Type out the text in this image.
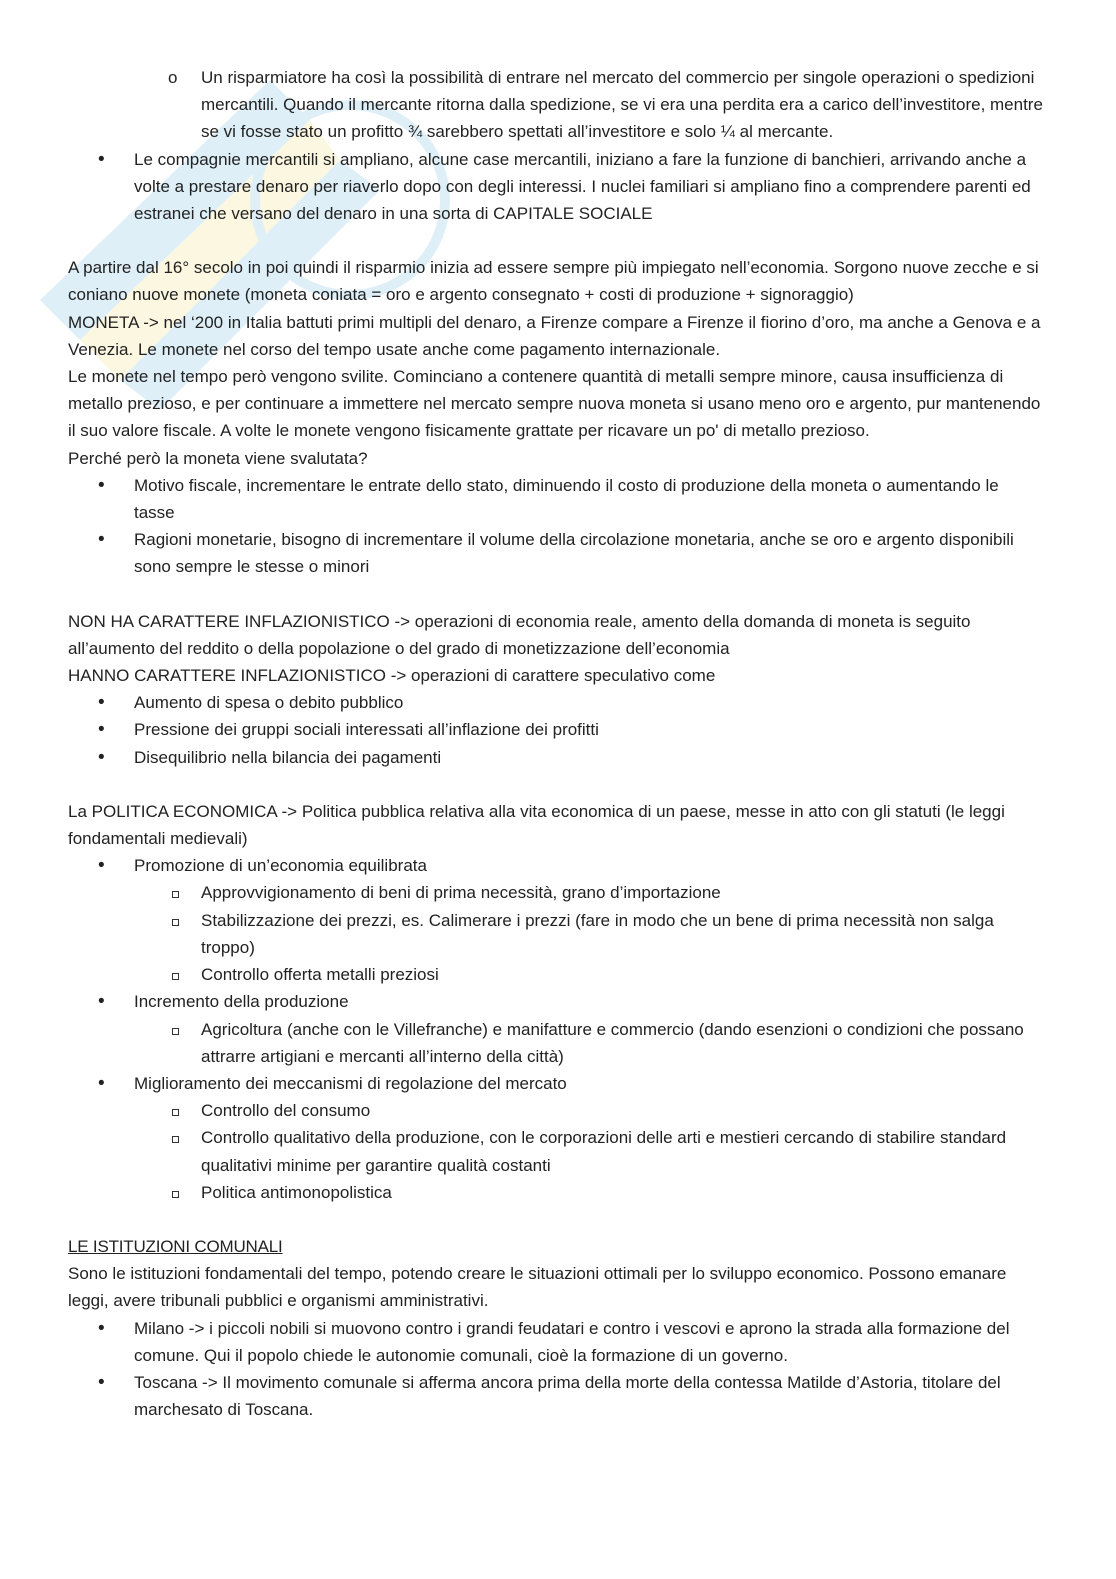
o Un risparmiatore ha così la possibilità di entrare nel mercato del commercio per singole operazioni o spedizioni mercantili. Quando il mercante ritorna dalla spedizione, se vi era una perdita era a carico dell’investitore, mentre se vi fosse stato un profitto ¾ sarebbero spettati all’investitore e solo ¼ al mercante.
• Le compagnie mercantili si ampliano, alcune case mercantili, iniziano a fare la funzione di banchieri, arrivando anche a volte a prestare denaro per riaverlo dopo con degli interessi. I nuclei familiari si ampliano fino a comprendere parenti ed estranei che versano del denaro in una sorta di CAPITALE SOCIALE

A partire dal 16° secolo in poi quindi il risparmio inizia ad essere sempre più impiegato nell’economia. Sorgono nuove zecche e si coniano nuove monete (moneta coniata = oro e argento consegnato + costi di produzione + signoraggio)

MONETA -> nel ‘200 in Italia battuti primi multipli del denaro, a Firenze compare a Firenze il fiorino d’oro, ma anche a Genova e a Venezia. Le monete nel corso del tempo usate anche come pagamento internazionale.

Le monete nel tempo però vengono svilite. Cominciano a contenere quantità di metalli sempre minore, causa insufficienza di metallo prezioso, e per continuare a immettere nel mercato sempre nuova moneta si usano meno oro e argento, pur mantenendo il suo valore fiscale. A volte le monete vengono fisicamente grattate per ricavare un po' di metallo prezioso.

Perché però la moneta viene svalutata?

• Motivo fiscale, incrementare le entrate dello stato, diminuendo il costo di produzione della moneta o aumentando le tasse
• Ragioni monetarie, bisogno di incrementare il volume della circolazione monetaria, anche se oro e argento disponibili sono sempre le stesse o minori

NON HA CARATTERE INFLAZIONISTICO -> operazioni di economia reale, amento della domanda di moneta is seguito all’aumento del reddito o della popolazione o del grado di monetizzazione dell’economia

HANNO CARATTERE INFLAZIONISTICO -> operazioni di carattere speculativo come

• Aumento di spesa o debito pubblico
• Pressione dei gruppi sociali interessati all’inflazione dei profitti
• Disequilibrio nella bilancia dei pagamenti

La POLITICA ECONOMICA -> Politica pubblica relativa alla vita economica di un paese, messe in atto con gli statuti (le leggi fondamentali medievali)

• Promozione di un’economia equilibrata
Approvvigionamento di beni di prima necessità, grano d’importazione
Stabilizzazione dei prezzi, es. Calimerare i prezzi (fare in modo che un bene di prima necessità non salga troppo)
Controllo offerta metalli preziosi
• Incremento della produzione
Agricoltura (anche con le Villefranche) e manifatture e commercio (dando esenzioni o condizioni che possano attrarre artigiani e mercanti all’interno della città)
• Miglioramento dei meccanismi di regolazione del mercato
Controllo del consumo
Controllo qualitativo della produzione, con le corporazioni delle arti e mestieri cercando di stabilire standard qualitativi minime per garantire qualità costanti
Politica antimonopolistica

LE ISTITUZIONI COMUNALI

Sono le istituzioni fondamentali del tempo, potendo creare le situazioni ottimali per lo sviluppo economico. Possono emanare leggi, avere tribunali pubblici e organismi amministrativi.

• Milano -> i piccoli nobili si muovono contro i grandi feudatari e contro i vescovi e aprono la strada alla formazione del comune. Qui il popolo chiede le autonomie comunali, cioè la formazione di un governo.
• Toscana -> Il movimento comunale si afferma ancora prima della morte della contessa Matilde d’Astoria, titolare del marchesato di Toscana.
